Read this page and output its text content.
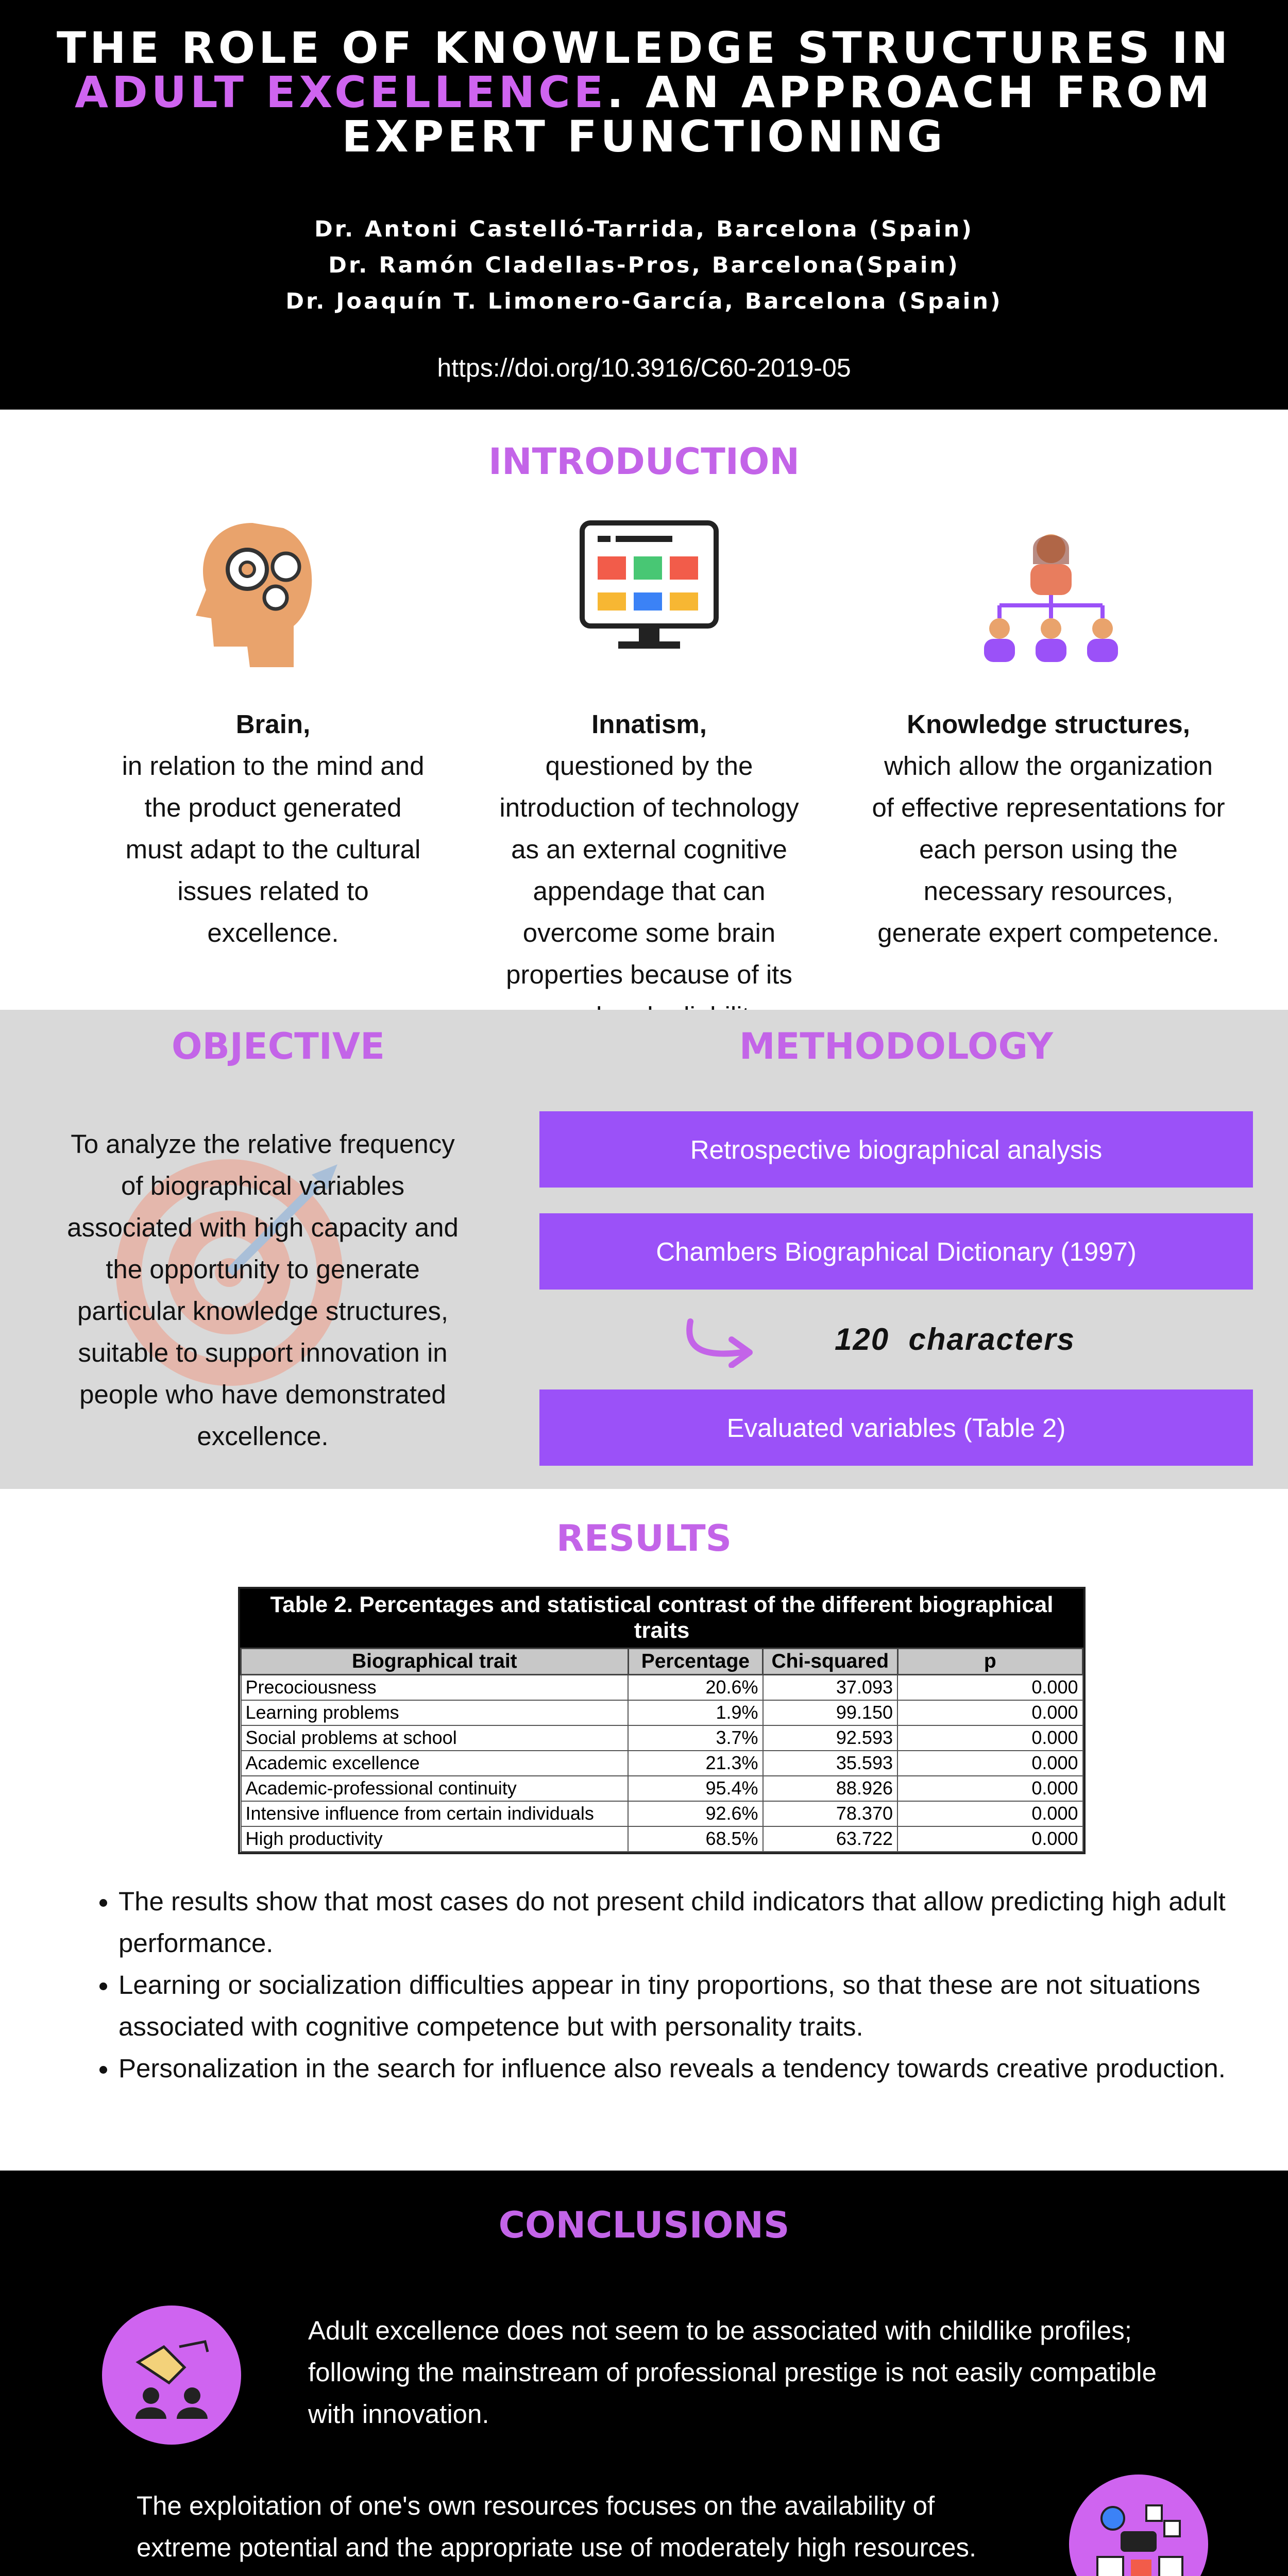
THE ROLE OF KNOWLEDGE STRUCTURES IN
ADULT EXCELLENCE. AN APPROACH FROM
EXPERT FUNCTIONING
Dr. Antoni Castelló-Tarrida, Barcelona (Spain)
Dr. Ramón Cladellas-Pros, Barcelona(Spain)
Dr. Joaquín T. Limonero-García, Barcelona (Spain)
https://doi.org/10.3916/C60-2019-05
INTRODUCTION
Brain,
in relation to the mind and the product generated must adapt to the cultural issues related to excellence.
Innatism,
questioned by the introduction of technology as an external cognitive appendage that can overcome some brain properties because of its
Knowledge structures,
which allow the organization of effective representations for each person using the necessary resources, generate expert competence.
OBJECTIVE	METHODOLOGY
To analyze the relative frequency of biographical variables associated with high capacity and the opportunity to generate particular knowledge structures, suitable to support innovation in people who have demonstrated excellence.
Retrospective biographical analysis
Chambers Biographical Dictionary (1997)
120  characters
Evaluated variables (Table 2)
RESULTS
Table 2. Percentages and statistical contrast of the different biographical traits
Biographical trait	Percentage	Chi-squared	p
Precociousness	20.6%	37.093	0.000
Learning problems	1.9%	99.150	0.000
Social problems at school	3.7%	92.593	0.000
Academic excellence	21.3%	35.593	0.000
Academic-professional continuity	95.4%	88.926	0.000
Intensive influence from certain individuals	92.6%	78.370	0.000
High productivity	68.5%	63.722	0.000
• The results show that most cases do not present child indicators that allow predicting high adult performance.
• Learning or socialization difficulties appear in tiny proportions, so that these are not situations associated with cognitive competence but with personality traits.
• Personalization in the search for influence also reveals a tendency towards creative production.
CONCLUSIONS
Adult excellence does not seem to be associated with childlike profiles; following the mainstream of professional prestige is not easily compatible with innovation.
The exploitation of one's own resources focuses on the availability of extreme potential and the appropriate use of moderately high resources.
